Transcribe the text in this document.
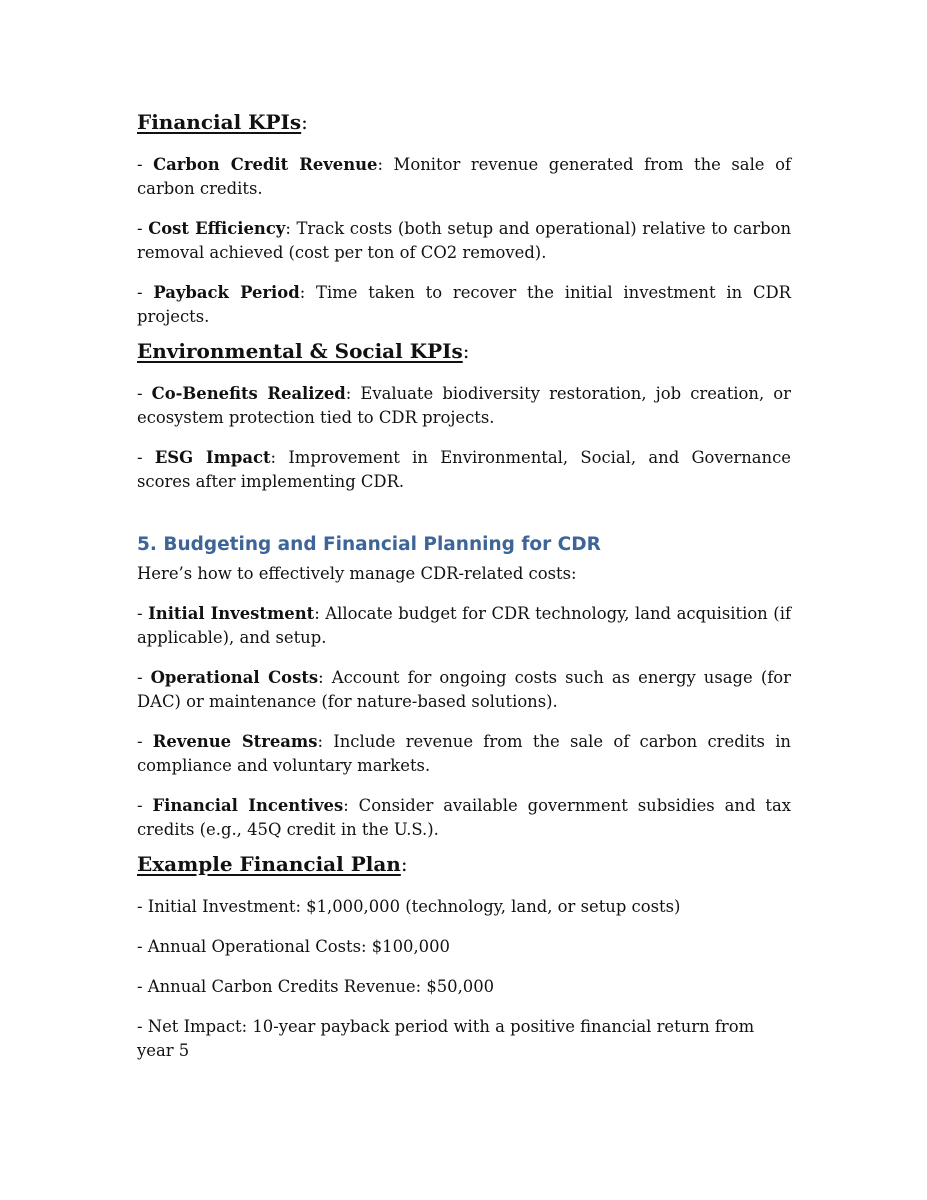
Financial KPIs:

- Carbon Credit Revenue: Monitor revenue generated from the sale of carbon credits.

- Cost Efficiency: Track costs (both setup and operational) relative to carbon removal achieved (cost per ton of CO2 removed).

- Payback Period: Time taken to recover the initial investment in CDR projects.

Environmental & Social KPIs:

- Co-Benefits Realized: Evaluate biodiversity restoration, job creation, or ecosystem protection tied to CDR projects.

- ESG Impact: Improvement in Environmental, Social, and Governance scores after implementing CDR.

5. Budgeting and Financial Planning for CDR

Here’s how to effectively manage CDR-related costs:

- Initial Investment: Allocate budget for CDR technology, land acquisition (if applicable), and setup.

- Operational Costs: Account for ongoing costs such as energy usage (for DAC) or maintenance (for nature-based solutions).

- Revenue Streams: Include revenue from the sale of carbon credits in compliance and voluntary markets.

- Financial Incentives: Consider available government subsidies and tax credits (e.g., 45Q credit in the U.S.).

Example Financial Plan:

- Initial Investment: $1,000,000 (technology, land, or setup costs)

- Annual Operational Costs: $100,000

- Annual Carbon Credits Revenue: $50,000

- Net Impact: 10-year payback period with a positive financial return from year 5
